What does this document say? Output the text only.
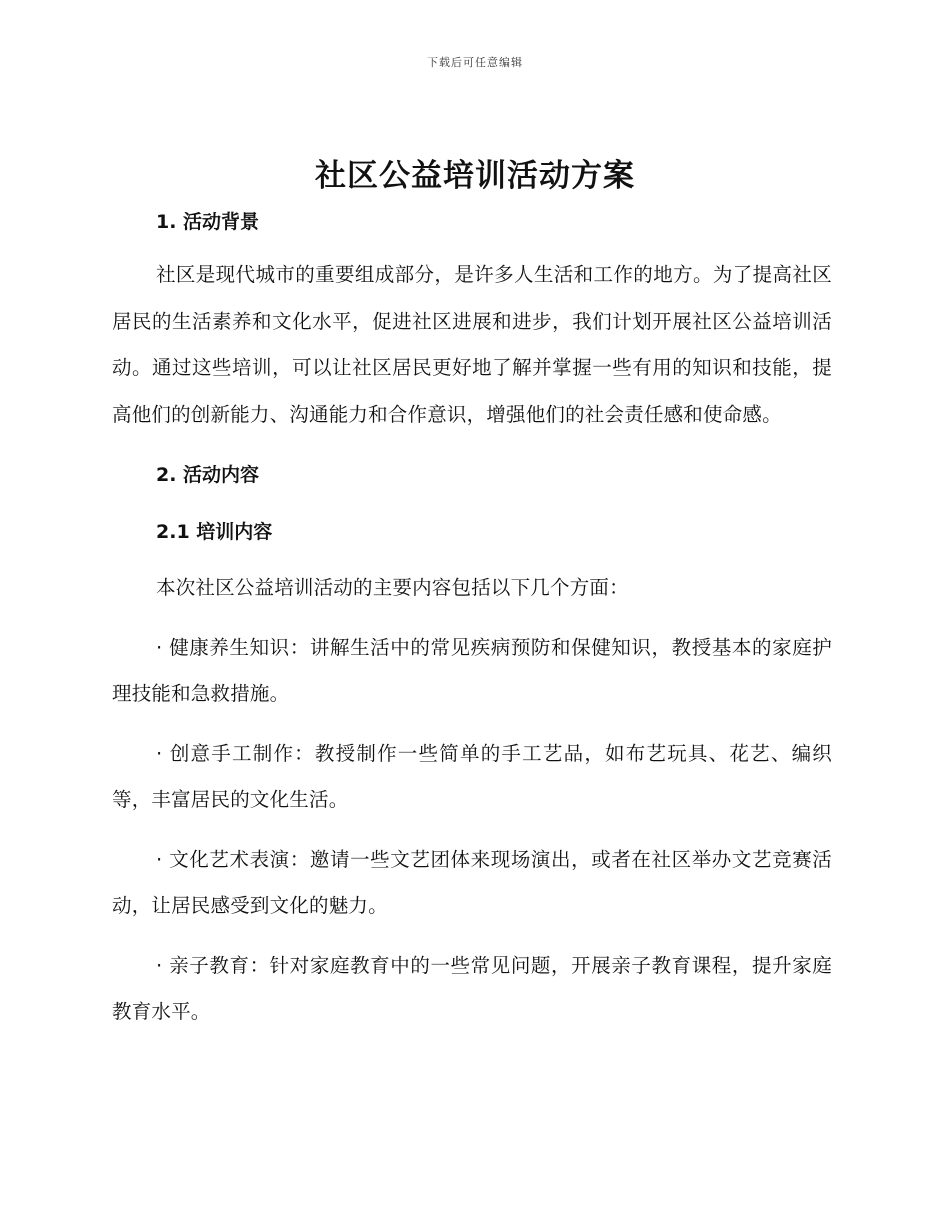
下载后可任意编辑
社区公益培训活动方案
1. 活动背景

社区是现代城市的重要组成部分，是许多人生活和工作的地方。为了提高社区居民的生活素养和文化水平，促进社区进展和进步，我们计划开展社区公益培训活动。通过这些培训，可以让社区居民更好地了解并掌握一些有用的知识和技能，提高他们的创新能力、沟通能力和合作意识，增强他们的社会责任感和使命感。

2. 活动内容
2.1 培训内容

本次社区公益培训活动的主要内容包括以下几个方面：

· 健康养生知识：讲解生活中的常见疾病预防和保健知识，教授基本的家庭护理技能和急救措施。

· 创意手工制作：教授制作一些简单的手工艺品，如布艺玩具、花艺、编织等，丰富居民的文化生活。

· 文化艺术表演：邀请一些文艺团体来现场演出，或者在社区举办文艺竞赛活动，让居民感受到文化的魅力。

· 亲子教育：针对家庭教育中的一些常见问题，开展亲子教育课程，提升家庭教育水平。
